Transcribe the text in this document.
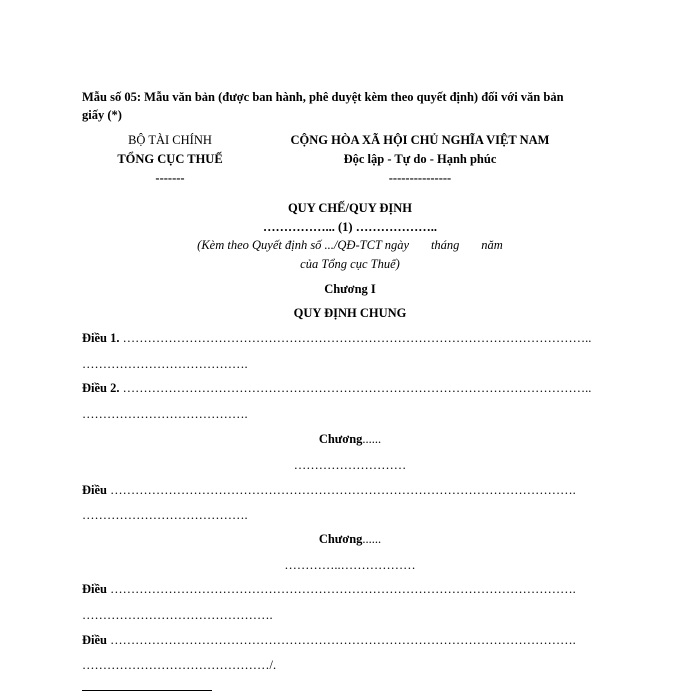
Mẫu số 05: Mẫu văn bản (được ban hành, phê duyệt kèm theo quyết định) đối với văn bản
giấy (*)
BỘ TÀI CHÍNH
TỔNG CỤC THUẾ
-------
CỘNG HÒA XÃ HỘI CHỦ NGHĨA VIỆT NAM
Độc lập - Tự do - Hạnh phúc
---------------
QUY CHẾ/QUY ĐỊNH
……………... (1) ………………..
(Kèm theo Quyết định số .../QĐ-TCT ngày       tháng       năm
của Tổng cục Thuế)
Chương I
QUY ĐỊNH CHUNG
Điều 1. …………………………………………………………………………………………………..
………………………………….
Điều 2. …………………………………………………………………………………………………..
………………………………….
Chương......
………………………
Điều ………………………………………………………………………………………………….
………………………………….
Chương......
…………..………………
Điều ………………………………………………………………………………………………….
……………………………………….
Điều ………………………………………………………………………………………………….
………………………………………/.
